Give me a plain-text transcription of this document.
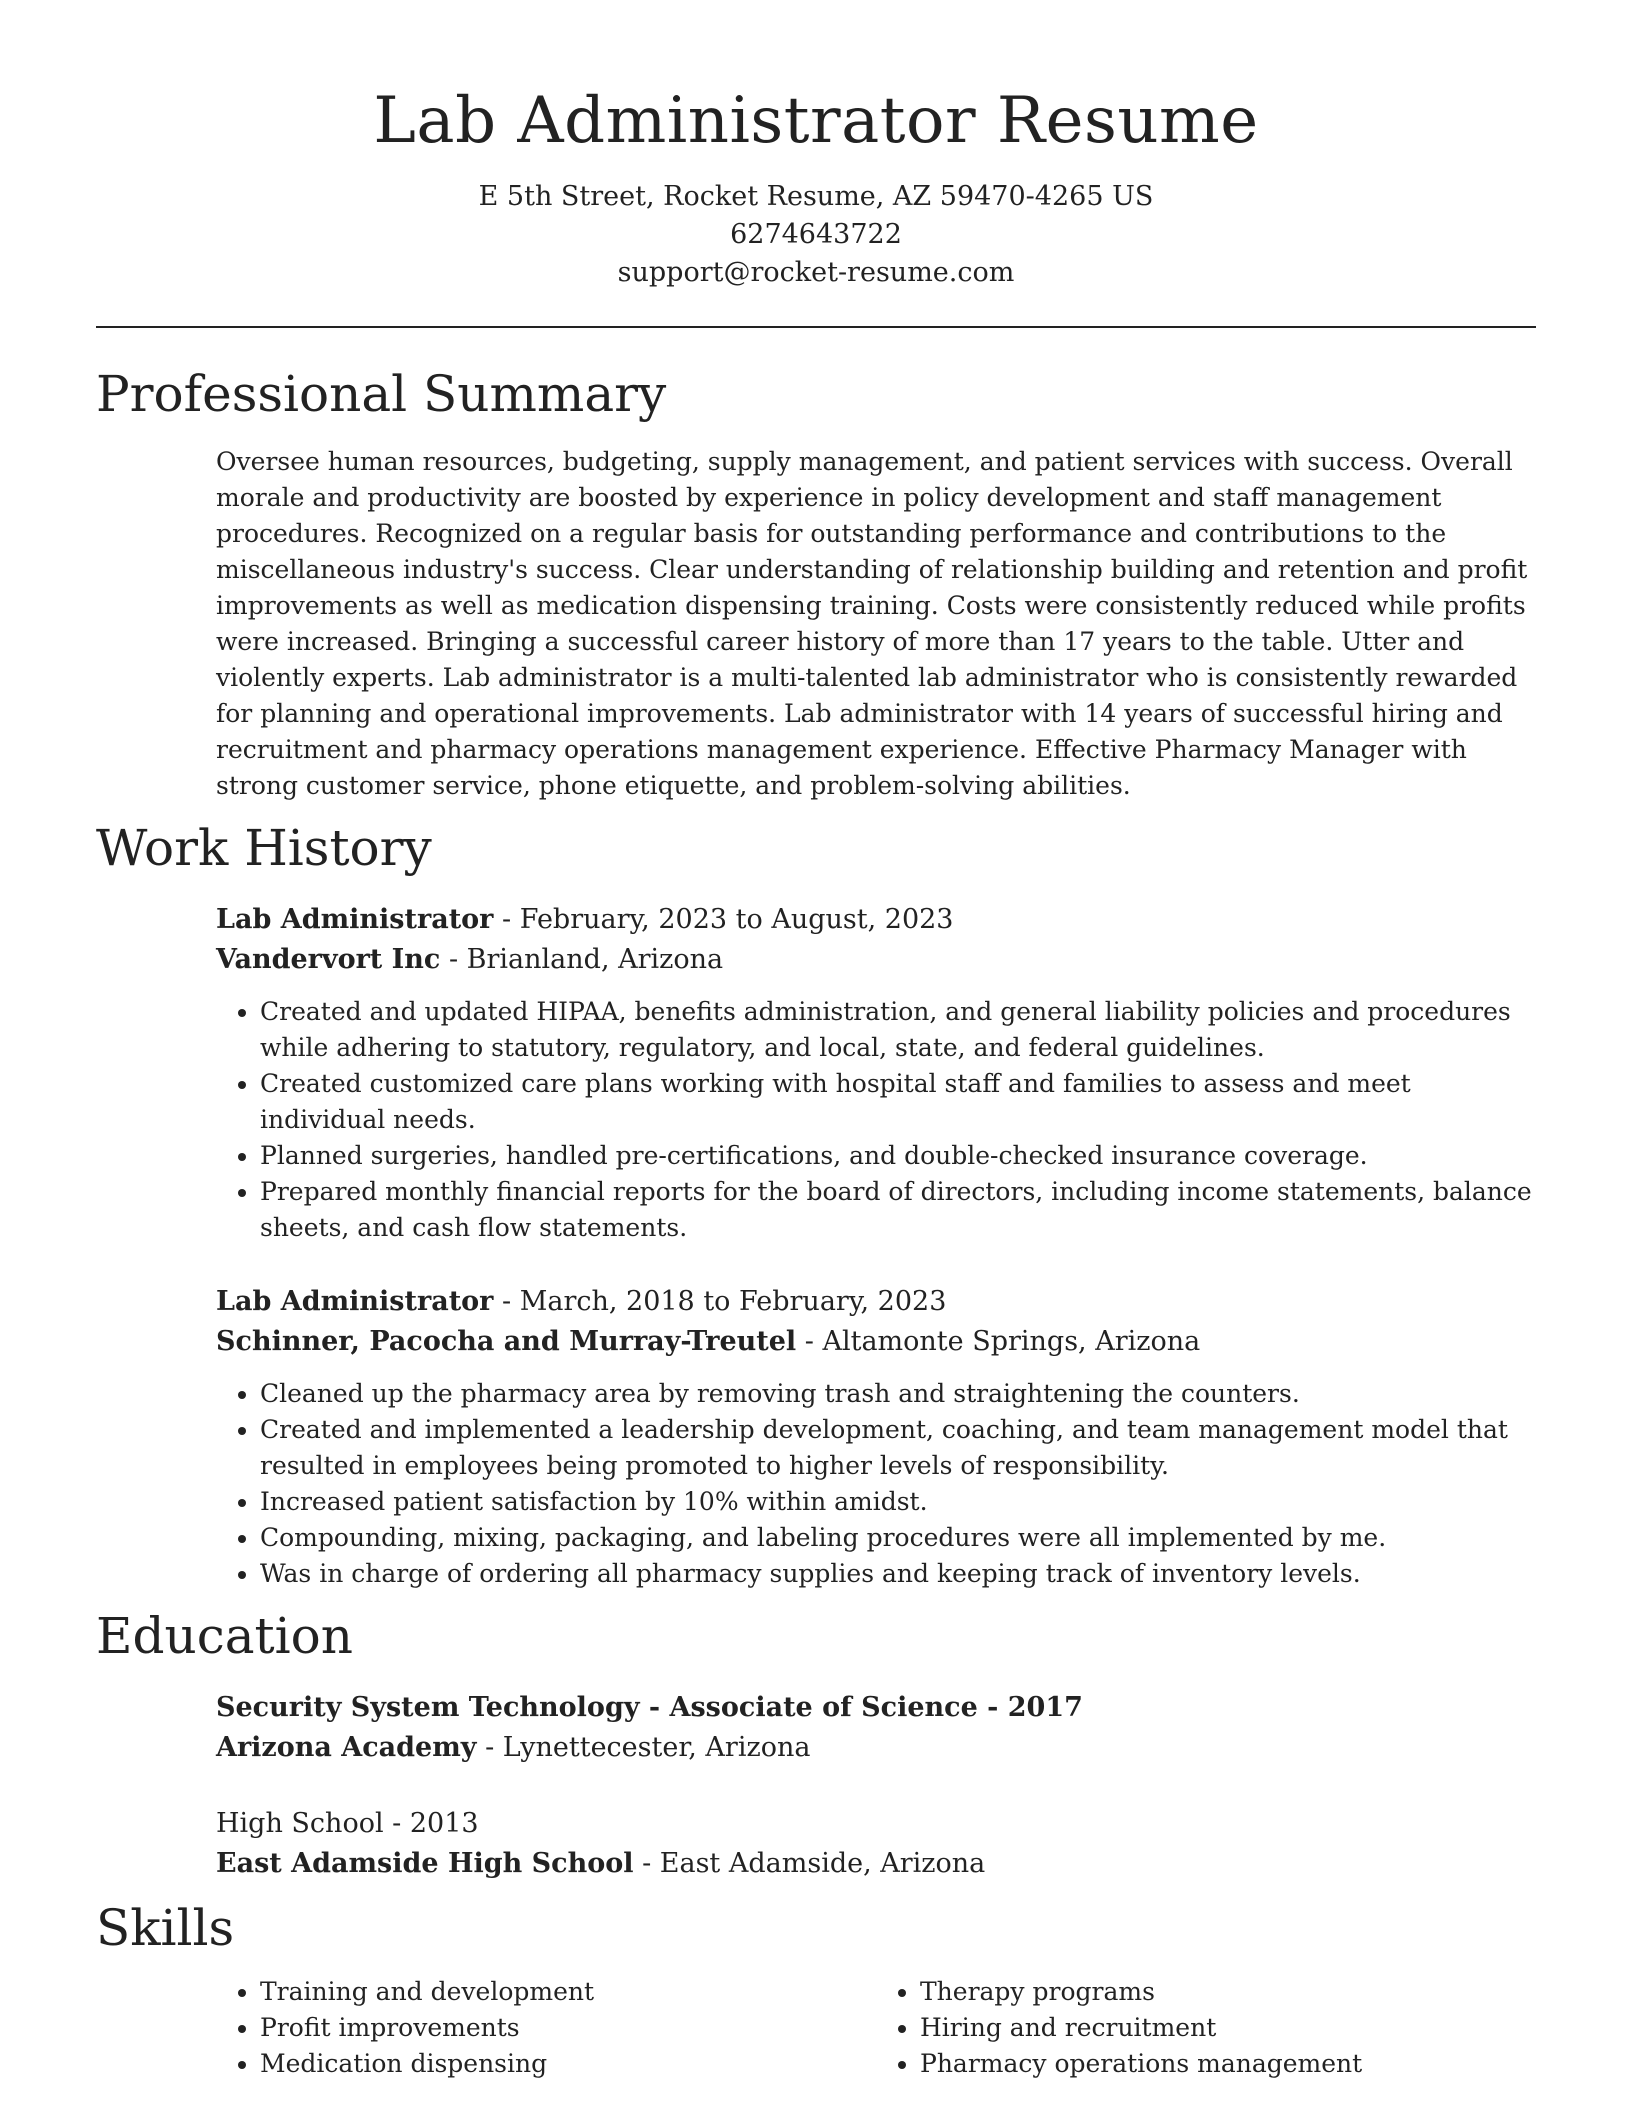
Lab Administrator Resume
E 5th Street, Rocket Resume, AZ 59470-4265 US
6274643722
support@rocket-resume.com
Professional Summary
Oversee human resources, budgeting, supply management, and patient services with success. Overall morale and productivity are boosted by experience in policy development and staff management procedures. Recognized on a regular basis for outstanding performance and contributions to the miscellaneous industry's success. Clear understanding of relationship building and retention and profit improvements as well as medication dispensing training. Costs were consistently reduced while profits were increased. Bringing a successful career history of more than 17 years to the table. Utter and violently experts. Lab administrator is a multi-talented lab administrator who is consistently rewarded for planning and operational improvements. Lab administrator with 14 years of successful hiring and recruitment and pharmacy operations management experience. Effective Pharmacy Manager with strong customer service, phone etiquette, and problem-solving abilities.
Work History
Lab Administrator - February, 2023 to August, 2023
Vandervort Inc - Brianland, Arizona
• Created and updated HIPAA, benefits administration, and general liability policies and procedures while adhering to statutory, regulatory, and local, state, and federal guidelines.
• Created customized care plans working with hospital staff and families to assess and meet individual needs.
• Planned surgeries, handled pre-certifications, and double-checked insurance coverage.
• Prepared monthly financial reports for the board of directors, including income statements, balance sheets, and cash flow statements.
Lab Administrator - March, 2018 to February, 2023
Schinner, Pacocha and Murray-Treutel - Altamonte Springs, Arizona
• Cleaned up the pharmacy area by removing trash and straightening the counters.
• Created and implemented a leadership development, coaching, and team management model that resulted in employees being promoted to higher levels of responsibility.
• Increased patient satisfaction by 10% within amidst.
• Compounding, mixing, packaging, and labeling procedures were all implemented by me.
• Was in charge of ordering all pharmacy supplies and keeping track of inventory levels.
Education
Security System Technology - Associate of Science - 2017
Arizona Academy - Lynettecester, Arizona
High School - 2013
East Adamside High School - East Adamside, Arizona
Skills
• Training and development
• Profit improvements
• Medication dispensing
• Therapy programs
• Hiring and recruitment
• Pharmacy operations management
